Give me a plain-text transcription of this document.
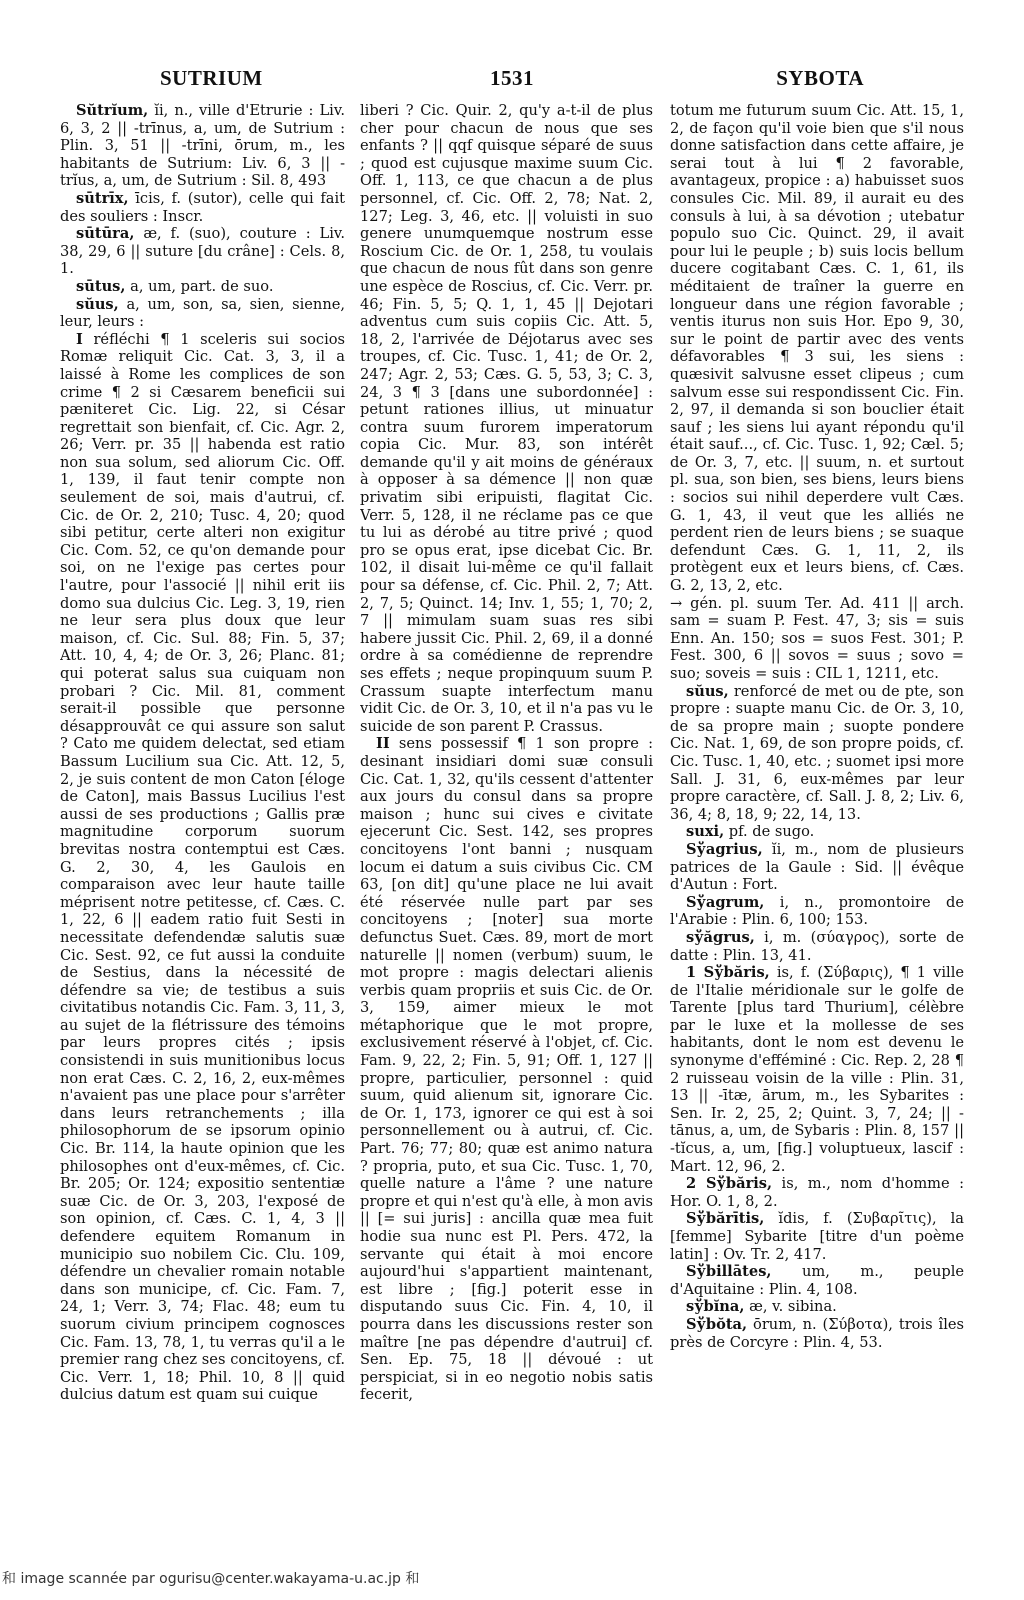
SUTRIUM	1531	SYBOTA

Sŭtrĭum, ĭi, n., ville d'Etrurie : Liv. 6, 3, 2 || -trīnus, a, um, de Sutrium : Plin. 3, 51 || -trīni, ōrum, m., les habitants de Sutrium: Liv. 6, 3 || -trĭus, a, um, de Sutrium : Sil. 8, 493

sūtrīx, īcis, f. (sutor), celle qui fait des souliers : Inscr.

sūtūra, æ, f. (suo), couture : Liv. 38, 29, 6 || suture [du crâne] : Cels. 8, 1.

sūtus, a, um, part. de suo.

sŭus, a, um, son, sa, sien, sienne, leur, leurs :

I réfléchi ¶ 1 sceleris sui socios Romæ reliquit Cic. Cat. 3, 3, il a laissé à Rome les complices de son crime ¶ 2 si Cæsarem beneficii sui pæniteret Cic. Lig. 22, si César regrettait son bienfait, cf. Cic. Agr. 2, 26; Verr. pr. 35 || habenda est ratio non sua solum, sed aliorum Cic. Off. 1, 139, il faut tenir compte non seulement de soi, mais d'autrui, cf. Cic. de Or. 2, 210; Tusc. 4, 20; quod sibi petitur, certe alteri non exigitur Cic. Com. 52, ce qu'on demande pour soi, on ne l'exige pas certes pour l'autre, pour l'associé || nihil erit iis domo sua dulcius Cic. Leg. 3, 19, rien ne leur sera plus doux que leur maison, cf. Cic. Sul. 88; Fin. 5, 37; Att. 10, 4, 4; de Or. 3, 26; Planc. 81; qui poterat salus sua cuiquam non probari ? Cic. Mil. 81, comment serait-il possible que personne désapprouvât ce qui assure son salut ? Cato me quidem delectat, sed etiam Bassum Lucilium sua Cic. Att. 12, 5, 2, je suis content de mon Caton [éloge de Caton], mais Bassus Lucilius l'est aussi de ses productions ; Gallis præ magnitudine corporum suorum brevitas nostra contemptui est Cæs. G. 2, 30, 4, les Gaulois en comparaison avec leur haute taille méprisent notre petitesse, cf. Cæs. C. 1, 22, 6 || eadem ratio fuit Sesti in necessitate defendendæ salutis suæ Cic. Sest. 92, ce fut aussi la conduite de Sestius, dans la nécessité de défendre sa vie; de testibus a suis civitatibus notandis Cic. Fam. 3, 11, 3, au sujet de la flétrissure des témoins par leurs propres cités ; ipsis consistendi in suis munitionibus locus non erat Cæs. C. 2, 16, 2, eux-mêmes n'avaient pas une place pour s'arrêter dans leurs retranchements ; illa philosophorum de se ipsorum opinio Cic. Br. 114, la haute opinion que les philosophes ont d'eux-mêmes, cf. Cic. Br. 205; Or. 124; expositio sententiæ suæ Cic. de Or. 3, 203, l'exposé de son opinion, cf. Cæs. C. 1, 4, 3 || defendere equitem Romanum in municipio suo nobilem Cic. Clu. 109, défendre un chevalier romain notable dans son municipe, cf. Cic. Fam. 7, 24, 1; Verr. 3, 74; Flac. 48; eum tu suorum civium principem cognosces Cic. Fam. 13, 78, 1, tu verras qu'il a le premier rang chez ses concitoyens, cf. Cic. Verr. 1, 18; Phil. 10, 8 || quid dulcius datum est quam sui cuique

liberi ? Cic. Quir. 2, qu'y a-t-il de plus cher pour chacun de nous que ses enfants ? || qqf quisque séparé de suus ; quod est cujusque maxime suum Cic. Off. 1, 113, ce que chacun a de plus personnel, cf. Cic. Off. 2, 78; Nat. 2, 127; Leg. 3, 46, etc. || voluisti in suo genere unumquemque nostrum esse Roscium Cic. de Or. 1, 258, tu voulais que chacun de nous fût dans son genre une espèce de Roscius, cf. Cic. Verr. pr. 46; Fin. 5, 5; Q. 1, 1, 45 || Dejotari adventus cum suis copiis Cic. Att. 5, 18, 2, l'arrivée de Déjotarus avec ses troupes, cf. Cic. Tusc. 1, 41; de Or. 2, 247; Agr. 2, 53; Cæs. G. 5, 53, 3; C. 3, 24, 3 ¶ 3 [dans une subordonnée] : petunt rationes illius, ut minuatur contra suum furorem imperatorum copia Cic. Mur. 83, son intérêt demande qu'il y ait moins de généraux à opposer à sa démence || non quæ privatim sibi eripuisti, flagitat Cic. Verr. 5, 128, il ne réclame pas ce que tu lui as dérobé au titre privé ; quod pro se opus erat, ipse dicebat Cic. Br. 102, il disait lui-même ce qu'il fallait pour sa défense, cf. Cic. Phil. 2, 7; Att. 2, 7, 5; Quinct. 14; Inv. 1, 55; 1, 70; 2, 7 || mimulam suam suas res sibi habere jussit Cic. Phil. 2, 69, il a donné ordre à sa comédienne de reprendre ses effets ; neque propinquum suum P. Crassum suapte interfectum manu vidit Cic. de Or. 3, 10, et il n'a pas vu le suicide de son parent P. Crassus.

II sens possessif ¶ 1 son propre : desinant insidiari domi suæ consuli Cic. Cat. 1, 32, qu'ils cessent d'attenter aux jours du consul dans sa propre maison ; hunc sui cives e civitate ejecerunt Cic. Sest. 142, ses propres concitoyens l'ont banni ; nusquam locum ei datum a suis civibus Cic. CM 63, [on dit] qu'une place ne lui avait été réservée nulle part par ses concitoyens ; [noter] sua morte defunctus Suet. Cæs. 89, mort de mort naturelle || nomen (verbum) suum, le mot propre : magis delectari alienis verbis quam propriis et suis Cic. de Or. 3, 159, aimer mieux le mot métaphorique que le mot propre, exclusivement réservé à l'objet, cf. Cic. Fam. 9, 22, 2; Fin. 5, 91; Off. 1, 127 || propre, particulier, personnel : quid suum, quid alienum sit, ignorare Cic. de Or. 1, 173, ignorer ce qui est à soi personnellement ou à autrui, cf. Cic. Part. 76; 77; 80; quæ est animo natura ? propria, puto, et sua Cic. Tusc. 1, 70, quelle nature a l'âme ? une nature propre et qui n'est qu'à elle, à mon avis || [= sui juris] : ancilla quæ mea fuit hodie sua nunc est Pl. Pers. 472, la servante qui était à moi encore aujourd'hui s'appartient maintenant, est libre ; [fig.] poterit esse in disputando suus Cic. Fin. 4, 10, il pourra dans les discussions rester son maître [ne pas dépendre d'autrui] cf. Sen. Ep. 75, 18 || dévoué : ut perspiciat, si in eo negotio nobis satis fecerit,

totum me futurum suum Cic. Att. 15, 1, 2, de façon qu'il voie bien que s'il nous donne satisfaction dans cette affaire, je serai tout à lui ¶ 2 favorable, avantageux, propice : a) habuisset suos consules Cic. Mil. 89, il aurait eu des consuls à lui, à sa dévotion ; utebatur populo suo Cic. Quinct. 29, il avait pour lui le peuple ; b) suis locis bellum ducere cogitabant Cæs. C. 1, 61, ils méditaient de traîner la guerre en longueur dans une région favorable ; ventis iturus non suis Hor. Epo 9, 30, sur le point de partir avec des vents défavorables ¶ 3 sui, les siens : quæsivit salvusne esset clipeus ; cum salvum esse sui respondissent Cic. Fin. 2, 97, il demanda si son bouclier était sauf ; les siens lui ayant répondu qu'il était sauf..., cf. Cic. Tusc. 1, 92; Cæl. 5; de Or. 3, 7, etc. || suum, n. et surtout pl. sua, son bien, ses biens, leurs biens : socios sui nihil deperdere vult Cæs. G. 1, 43, il veut que les alliés ne perdent rien de leurs biens ; se suaque defendunt Cæs. G. 1, 11, 2, ils protègent eux et leurs biens, cf. Cæs. G. 2, 13, 2, etc.

→ gén. pl. suum Ter. Ad. 411 || arch. sam = suam P. Fest. 47, 3; sis = suis Enn. An. 150; sos = suos Fest. 301; P. Fest. 300, 6 || sovos = suus ; sovo = suo; soveis = suis : CIL 1, 1211, etc.

sŭus, renforcé de met ou de pte, son propre : suapte manu Cic. de Or. 3, 10, de sa propre main ; suopte pondere Cic. Nat. 1, 69, de son propre poids, cf. Cic. Tusc. 1, 40, etc. ; suomet ipsi more Sall. J. 31, 6, eux-mêmes par leur propre caractère, cf. Sall. J. 8, 2; Liv. 6, 36, 4; 8, 18, 9; 22, 14, 13.

suxi, pf. de sugo.

Sўagrius, ĭi, m., nom de plusieurs patrices de la Gaule : Sid. || évêque d'Autun : Fort.

Sўagrum, i, n., promontoire de l'Arabie : Plin. 6, 100; 153.

sўăgrus, i, m. (σύαγρος), sorte de datte : Plin. 13, 41.

1 Sўbăris, is, f. (Σύβαρις), ¶ 1 ville de l'Italie méridionale sur le golfe de Tarente [plus tard Thurium], célèbre par le luxe et la mollesse de ses habitants, dont le nom est devenu le synonyme d'efféminé : Cic. Rep. 2, 28 ¶ 2 ruisseau voisin de la ville : Plin. 31, 13 || -ītæ, ārum, m., les Sybarites : Sen. Ir. 2, 25, 2; Quint. 3, 7, 24; || -tānus, a, um, de Sybaris : Plin. 8, 157 || -tĭcus, a, um, [fig.] voluptueux, lascif : Mart. 12, 96, 2.

2 Sўbăris, is, m., nom d'homme : Hor. O. 1, 8, 2.

Sўbărītis, ĭdis, f. (Συβαρῖτις), la [femme] Sybarite [titre d'un poème latin] : Ov. Tr. 2, 417.

Sўbillātes, um, m., peuple d'Aquitaine : Plin. 4, 108.

sўbĭna, æ, v. sibina.

Sўbŏta, ōrum, n. (Σύβοτα), trois îles près de Corcyre : Plin. 4, 53.

和 image scannée par ogurisu@center.wakayama-u.ac.jp 和
